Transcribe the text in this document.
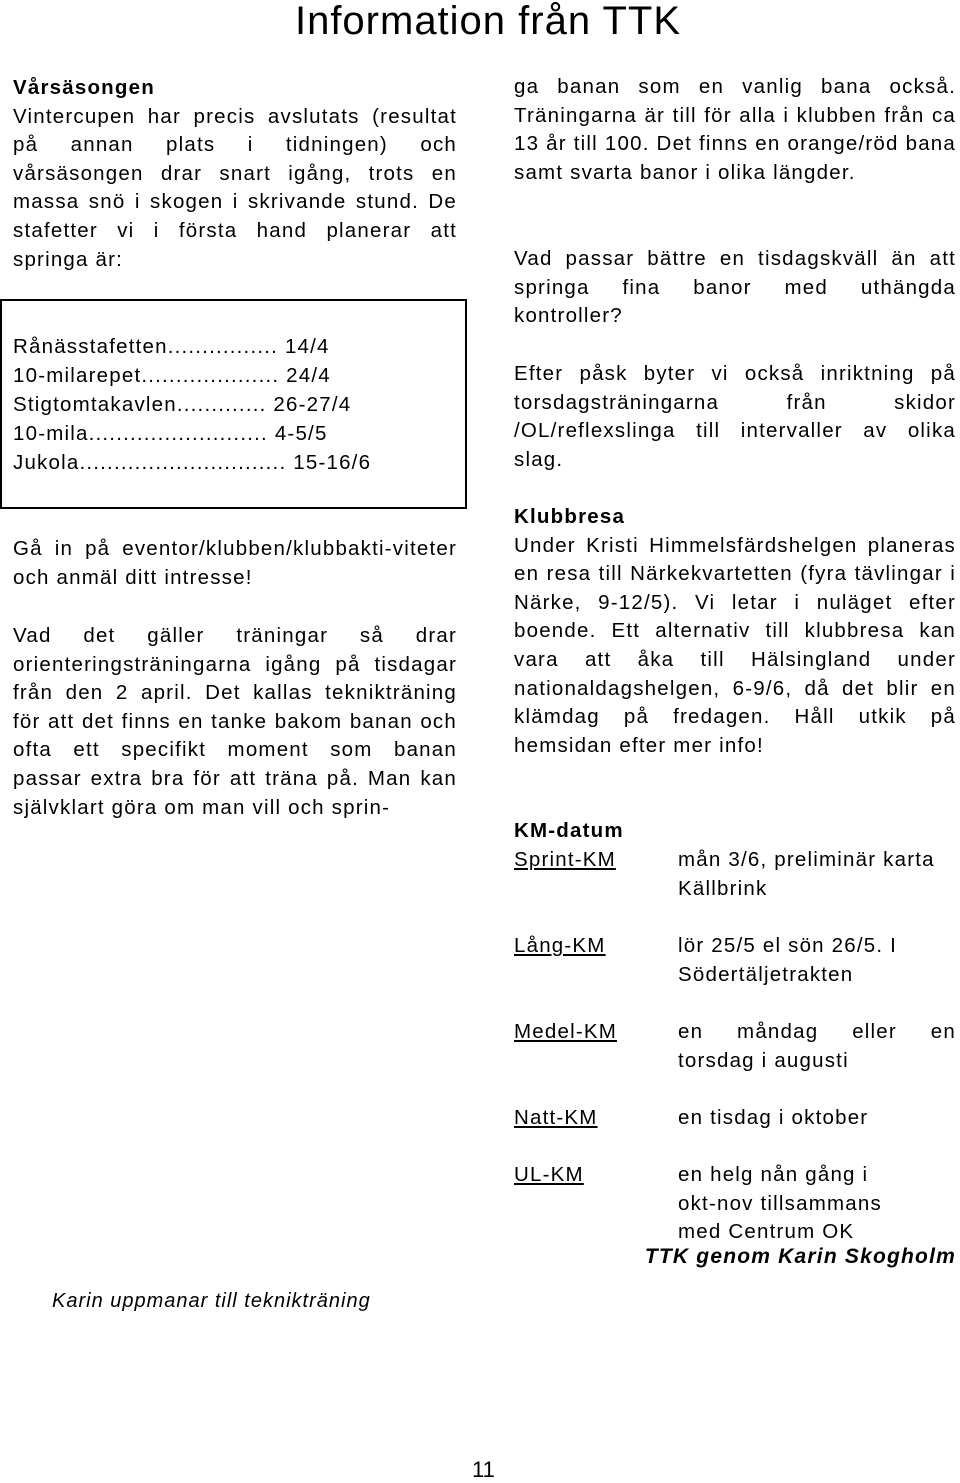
Information från TTK

Vårsäsongen

Vintercupen har precis avslutats (resultat på annan plats i tidningen) och vårsäsongen drar snart igång, trots en massa snö i skogen i skrivande stund. De stafetter vi i första hand planerar att springa är:

Rånässtafetten................ 14/4
10-milarepet.................... 24/4
Stigtomtakavlen............. 26-27/4
10-mila.......................... 4-5/5
Jukola.............................. 15-16/6
Gå in på eventor/klubben/klubbakti-viteter och anmäl ditt intresse!
Vad det gäller träningar så drar orienteringsträningarna igång på tisdagar från den 2 april. Det kallas teknikträning för att det finns en tanke bakom banan och ofta ett specifikt moment som banan passar extra bra för att träna på. Man kan självklart göra om man vill och sprin-
ga banan som en vanlig bana också. Träningarna är till för alla i klubben från ca 13 år till 100. Det finns en orange/röd bana samt svarta banor i olika längder.
Vad passar bättre en tisdagskväll än att springa fina banor med uthängda kontroller?
Efter påsk byter vi också inriktning på torsdagsträningarna från skidor /OL/reflexslinga till intervaller av olika slag.

Klubbresa

Under Kristi Himmelsfärdshelgen planeras en resa till Närkekvartetten (fyra tävlingar i Närke, 9-12/5). Vi letar i nuläget efter boende. Ett alternativ till klubbresa kan vara att åka till Hälsingland under nationaldagshelgen, 6-9/6, då det blir en klämdag på fredagen. Håll utkik på hemsidan efter mer info!

KM-datum
Sprint-KM	mån 3/6, preliminär karta Källbrink
Lång-KM	lör 25/5 el sön 26/5. I Södertäljetrakten
Medel-KM	en måndag eller en torsdag i augusti
Natt-KM	en tisdag i oktober
UL-KM	en helg nån gång i okt-nov tillsammans med Centrum OK
TTK genom Karin Skogholm
Karin uppmanar till teknikträning
11
